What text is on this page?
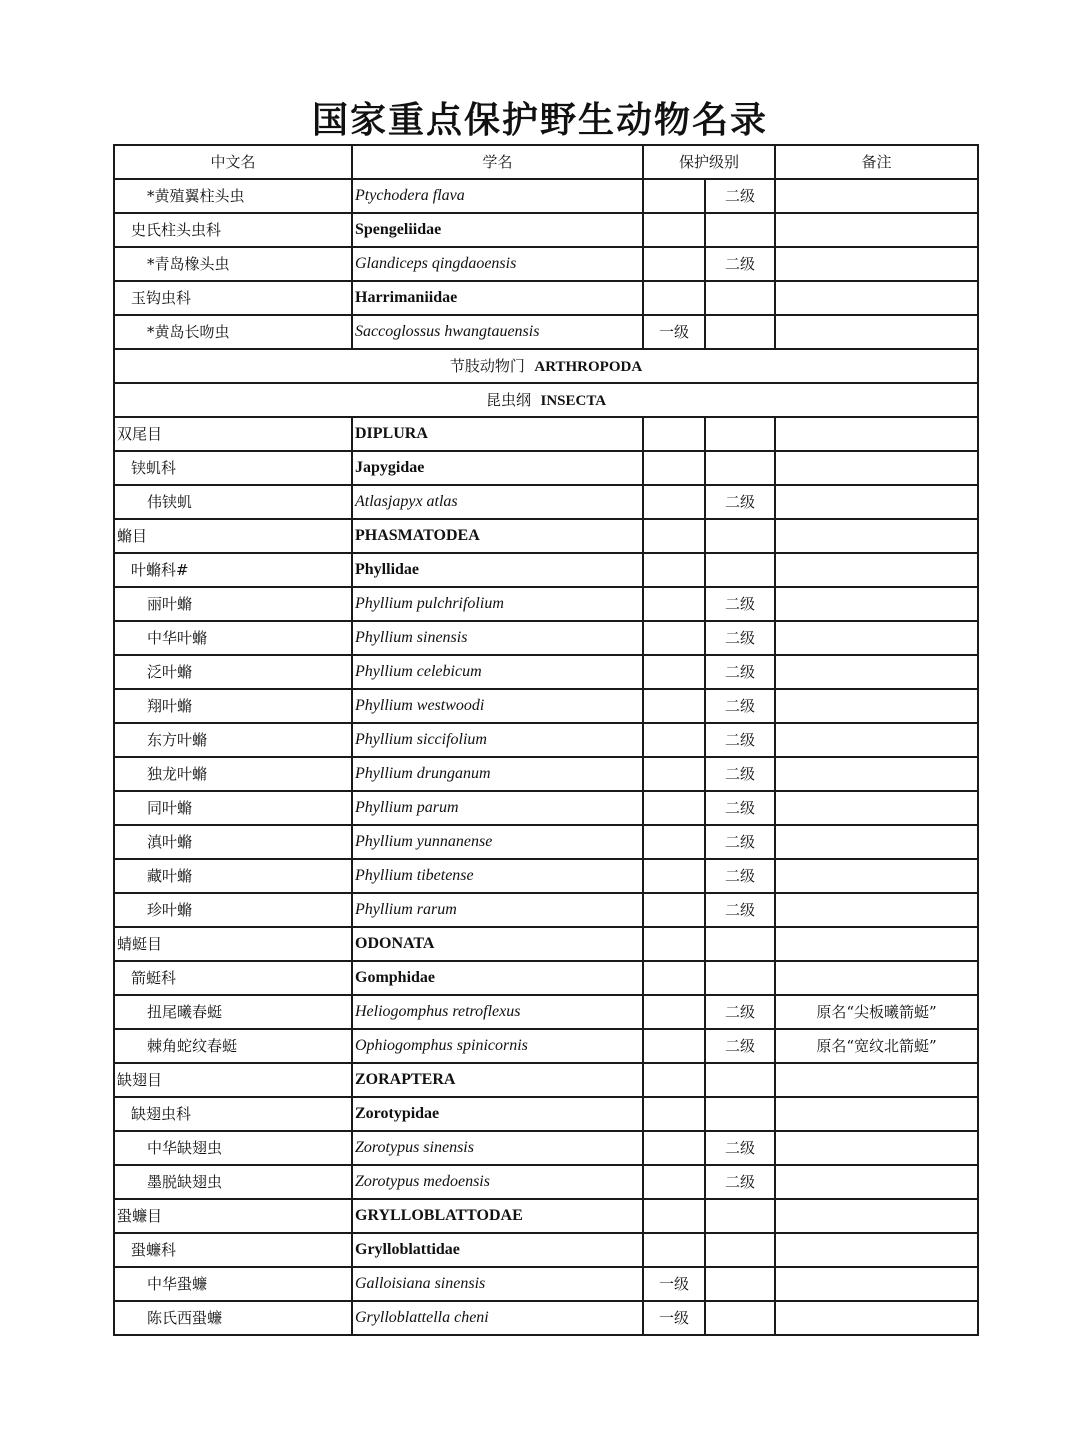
国家重点保护野生动物名录
中文名	学名	保护级别		备注
*黄殖翼柱头虫	Ptychodera flava		二级	
史氏柱头虫科	Spengeliidae			
*青岛橡头虫	Glandiceps qingdaoensis		二级	
玉钩虫科	Harrimaniidae			
*黄岛长吻虫	Saccoglossus hwangtauensis	一级		
节肢动物门 ARTHROPODA				
昆虫纲 INSECTA				
双尾目	DIPLURA			
铗虮科	Japygidae			
伟铗虮	Atlasjapyx atlas		二级	
䗛目	PHASMATODEA			
叶䗛科#	Phyllidae			
丽叶䗛	Phyllium pulchrifolium		二级	
中华叶䗛	Phyllium sinensis		二级	
泛叶䗛	Phyllium celebicum		二级	
翔叶䗛	Phyllium westwoodi		二级	
东方叶䗛	Phyllium siccifolium		二级	
独龙叶䗛	Phyllium drunganum		二级	
同叶䗛	Phyllium parum		二级	
滇叶䗛	Phyllium yunnanense		二级	
藏叶䗛	Phyllium tibetense		二级	
珍叶䗛	Phyllium rarum		二级	
蜻蜓目	ODONATA			
箭蜓科	Gomphidae			
扭尾曦春蜓	Heliogomphus retroflexus		二级	原名“尖板曦箭蜓”
棘角蛇纹春蜓	Ophiogomphus spinicornis		二级	原名“宽纹北箭蜓”
缺翅目	ZORAPTERA			
缺翅虫科	Zorotypidae			
中华缺翅虫	Zorotypus sinensis		二级	
墨脱缺翅虫	Zorotypus medoensis		二级	
蛩蠊目	GRYLLOBLATTODAE			
蛩蠊科	Grylloblattidae			
中华蛩蠊	Galloisiana sinensis	一级		
陈氏西蛩蠊	Grylloblattella cheni	一级		
